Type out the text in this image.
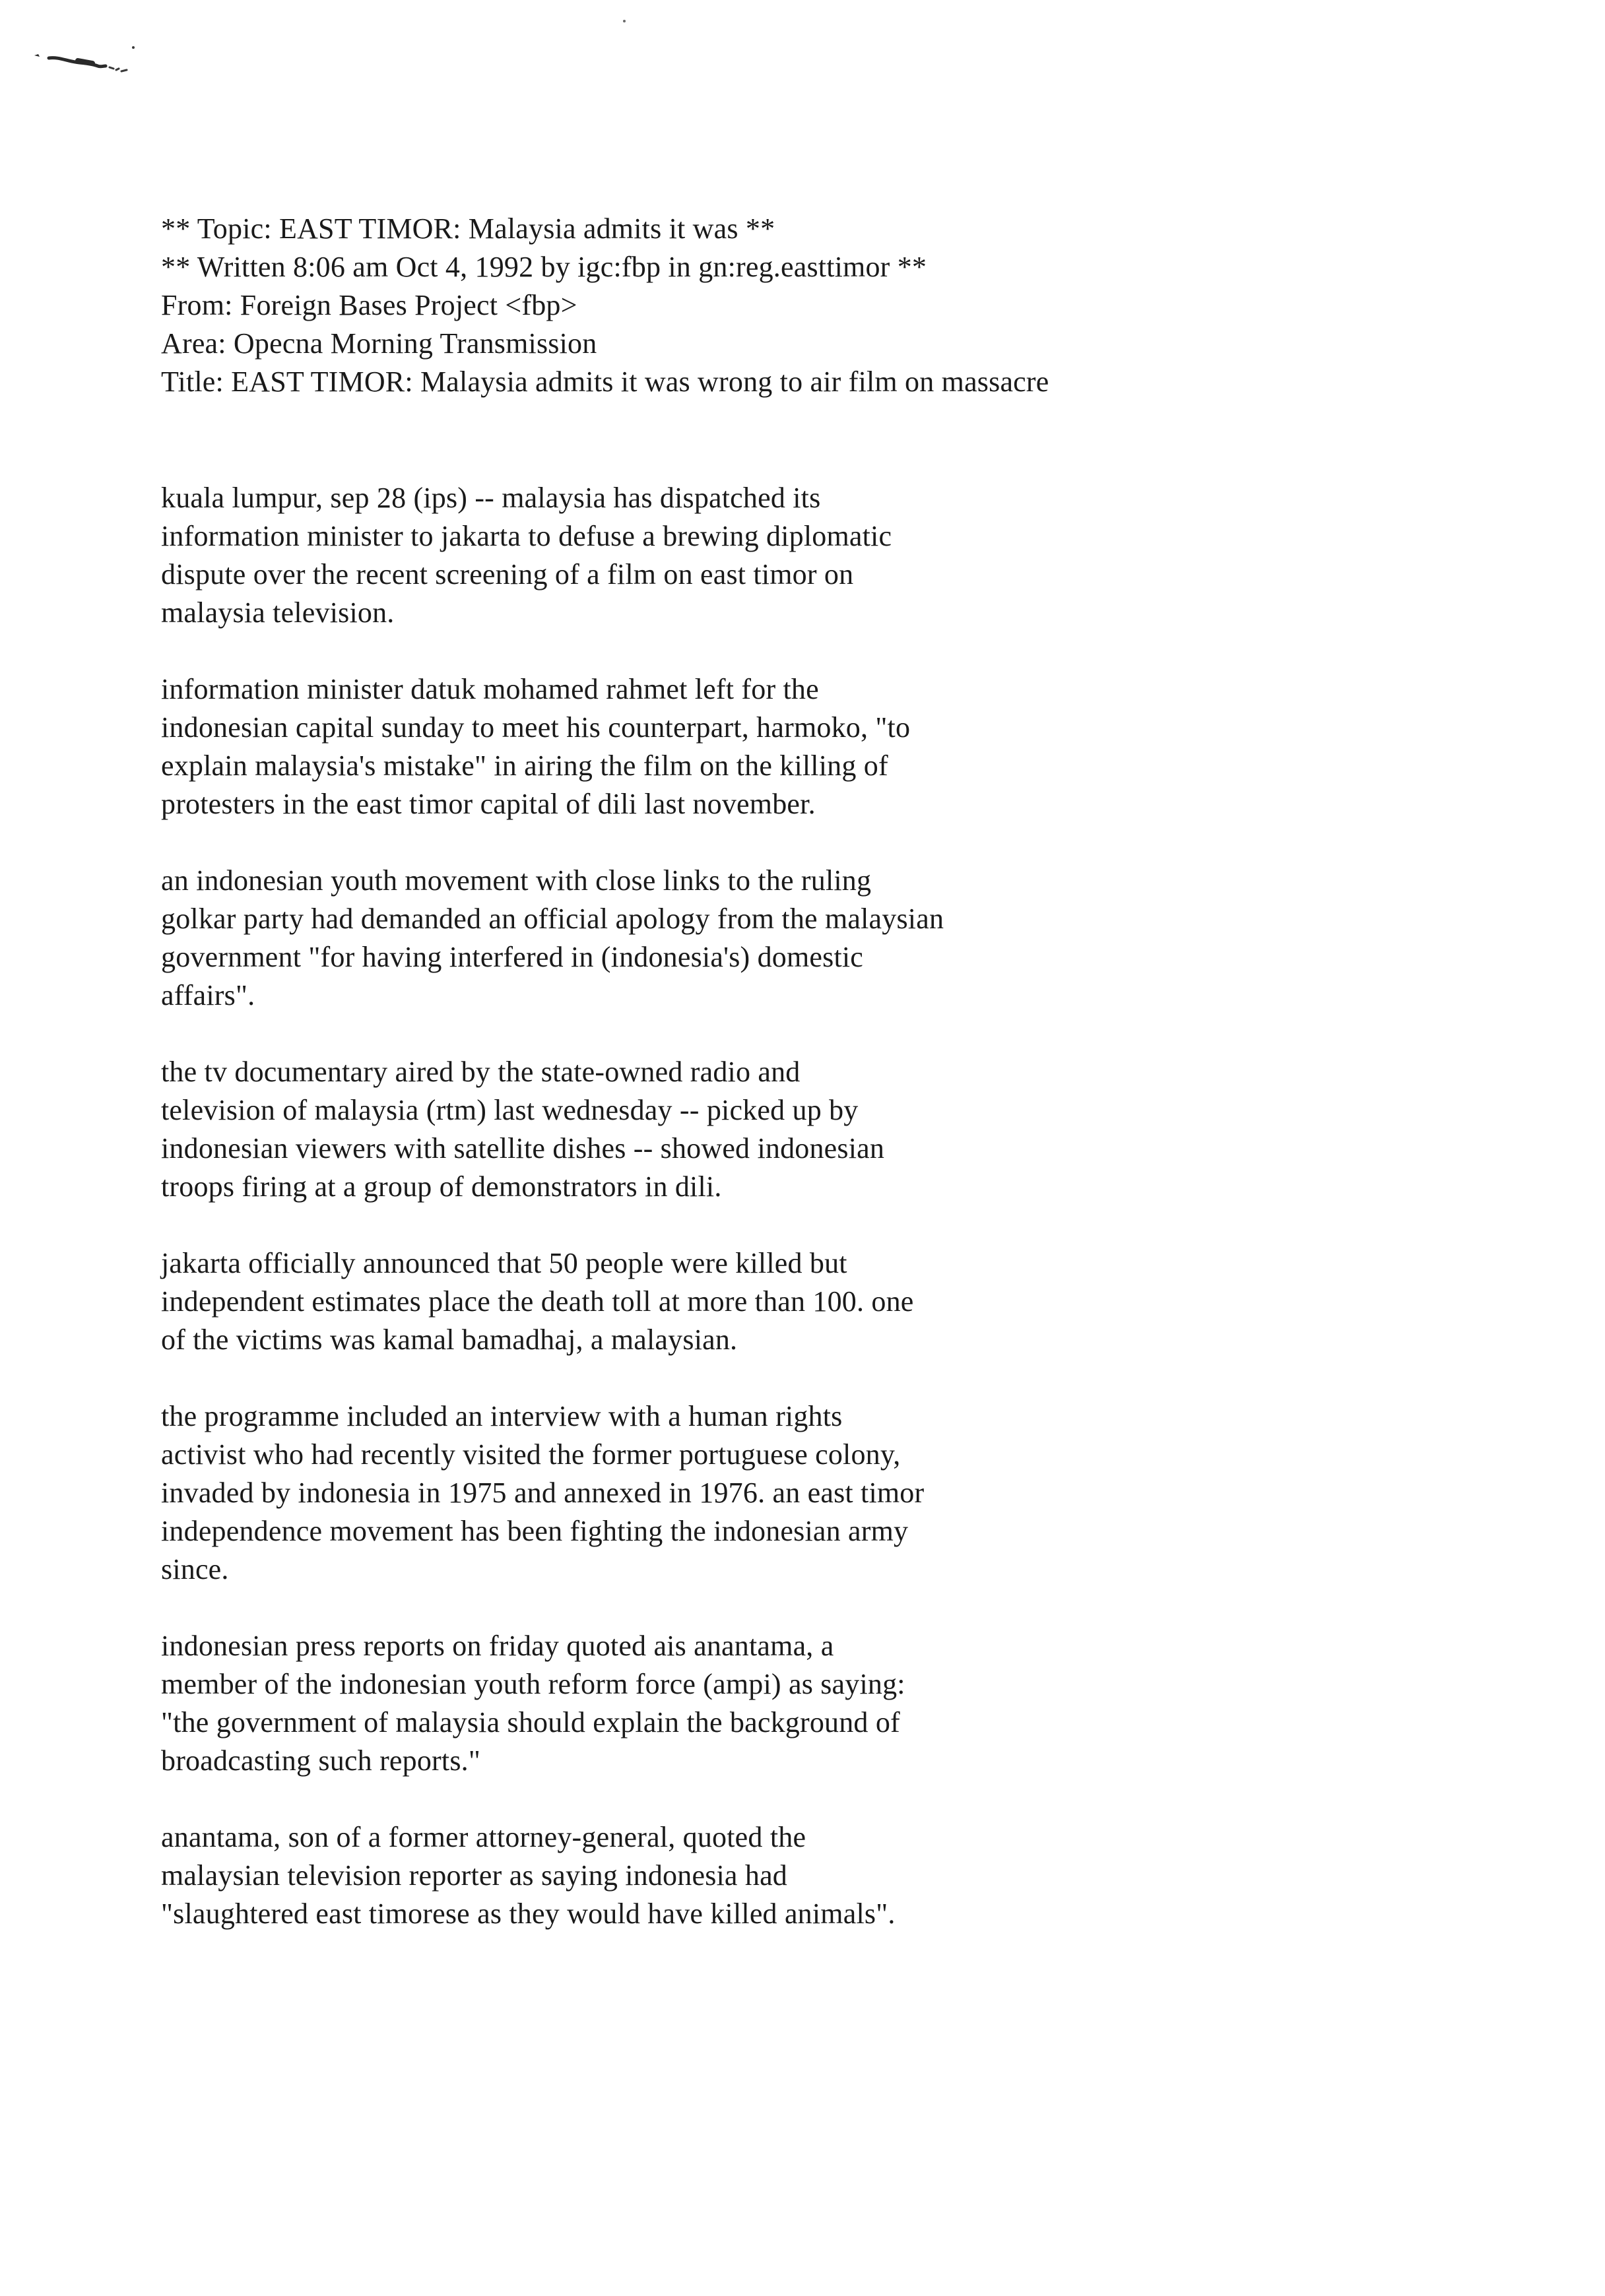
** Topic: EAST TIMOR: Malaysia admits it was **
** Written 8:06 am Oct 4, 1992 by igc:fbp in gn:reg.easttimor **
From: Foreign Bases Project <fbp>
Area: Opecna Morning Transmission
Title: EAST TIMOR: Malaysia admits it was wrong to air film on massacre
kuala lumpur, sep 28 (ips) -- malaysia has dispatched its
information minister to jakarta to defuse a brewing diplomatic
dispute over the recent screening of a film on east timor on
malaysia television.
information minister datuk mohamed rahmet left for the
indonesian capital sunday to meet his counterpart, harmoko, "to
explain malaysia's mistake" in airing the film on the killing of
protesters in the east timor capital of dili last november.
an indonesian youth movement with close links to the ruling
golkar party had demanded an official apology from the malaysian
government "for having interfered in (indonesia's) domestic
affairs".
the tv documentary aired by the state-owned radio and
television of malaysia (rtm) last wednesday -- picked up by
indonesian viewers with satellite dishes -- showed indonesian
troops firing at a group of demonstrators in dili.
jakarta officially announced that 50 people were killed but
independent estimates place the death toll at more than 100. one
of the victims was kamal bamadhaj, a malaysian.
the programme included an interview with a human rights
activist who had recently visited the former portuguese colony,
invaded by indonesia in 1975 and annexed in 1976. an east timor
independence movement has been fighting the indonesian army
since.
indonesian press reports on friday quoted ais anantama, a
member of the indonesian youth reform force (ampi) as saying:
"the government of malaysia should explain the background of
broadcasting such reports."
anantama, son of a former attorney-general, quoted the
malaysian television reporter as saying indonesia had
"slaughtered east timorese as they would have killed animals".
